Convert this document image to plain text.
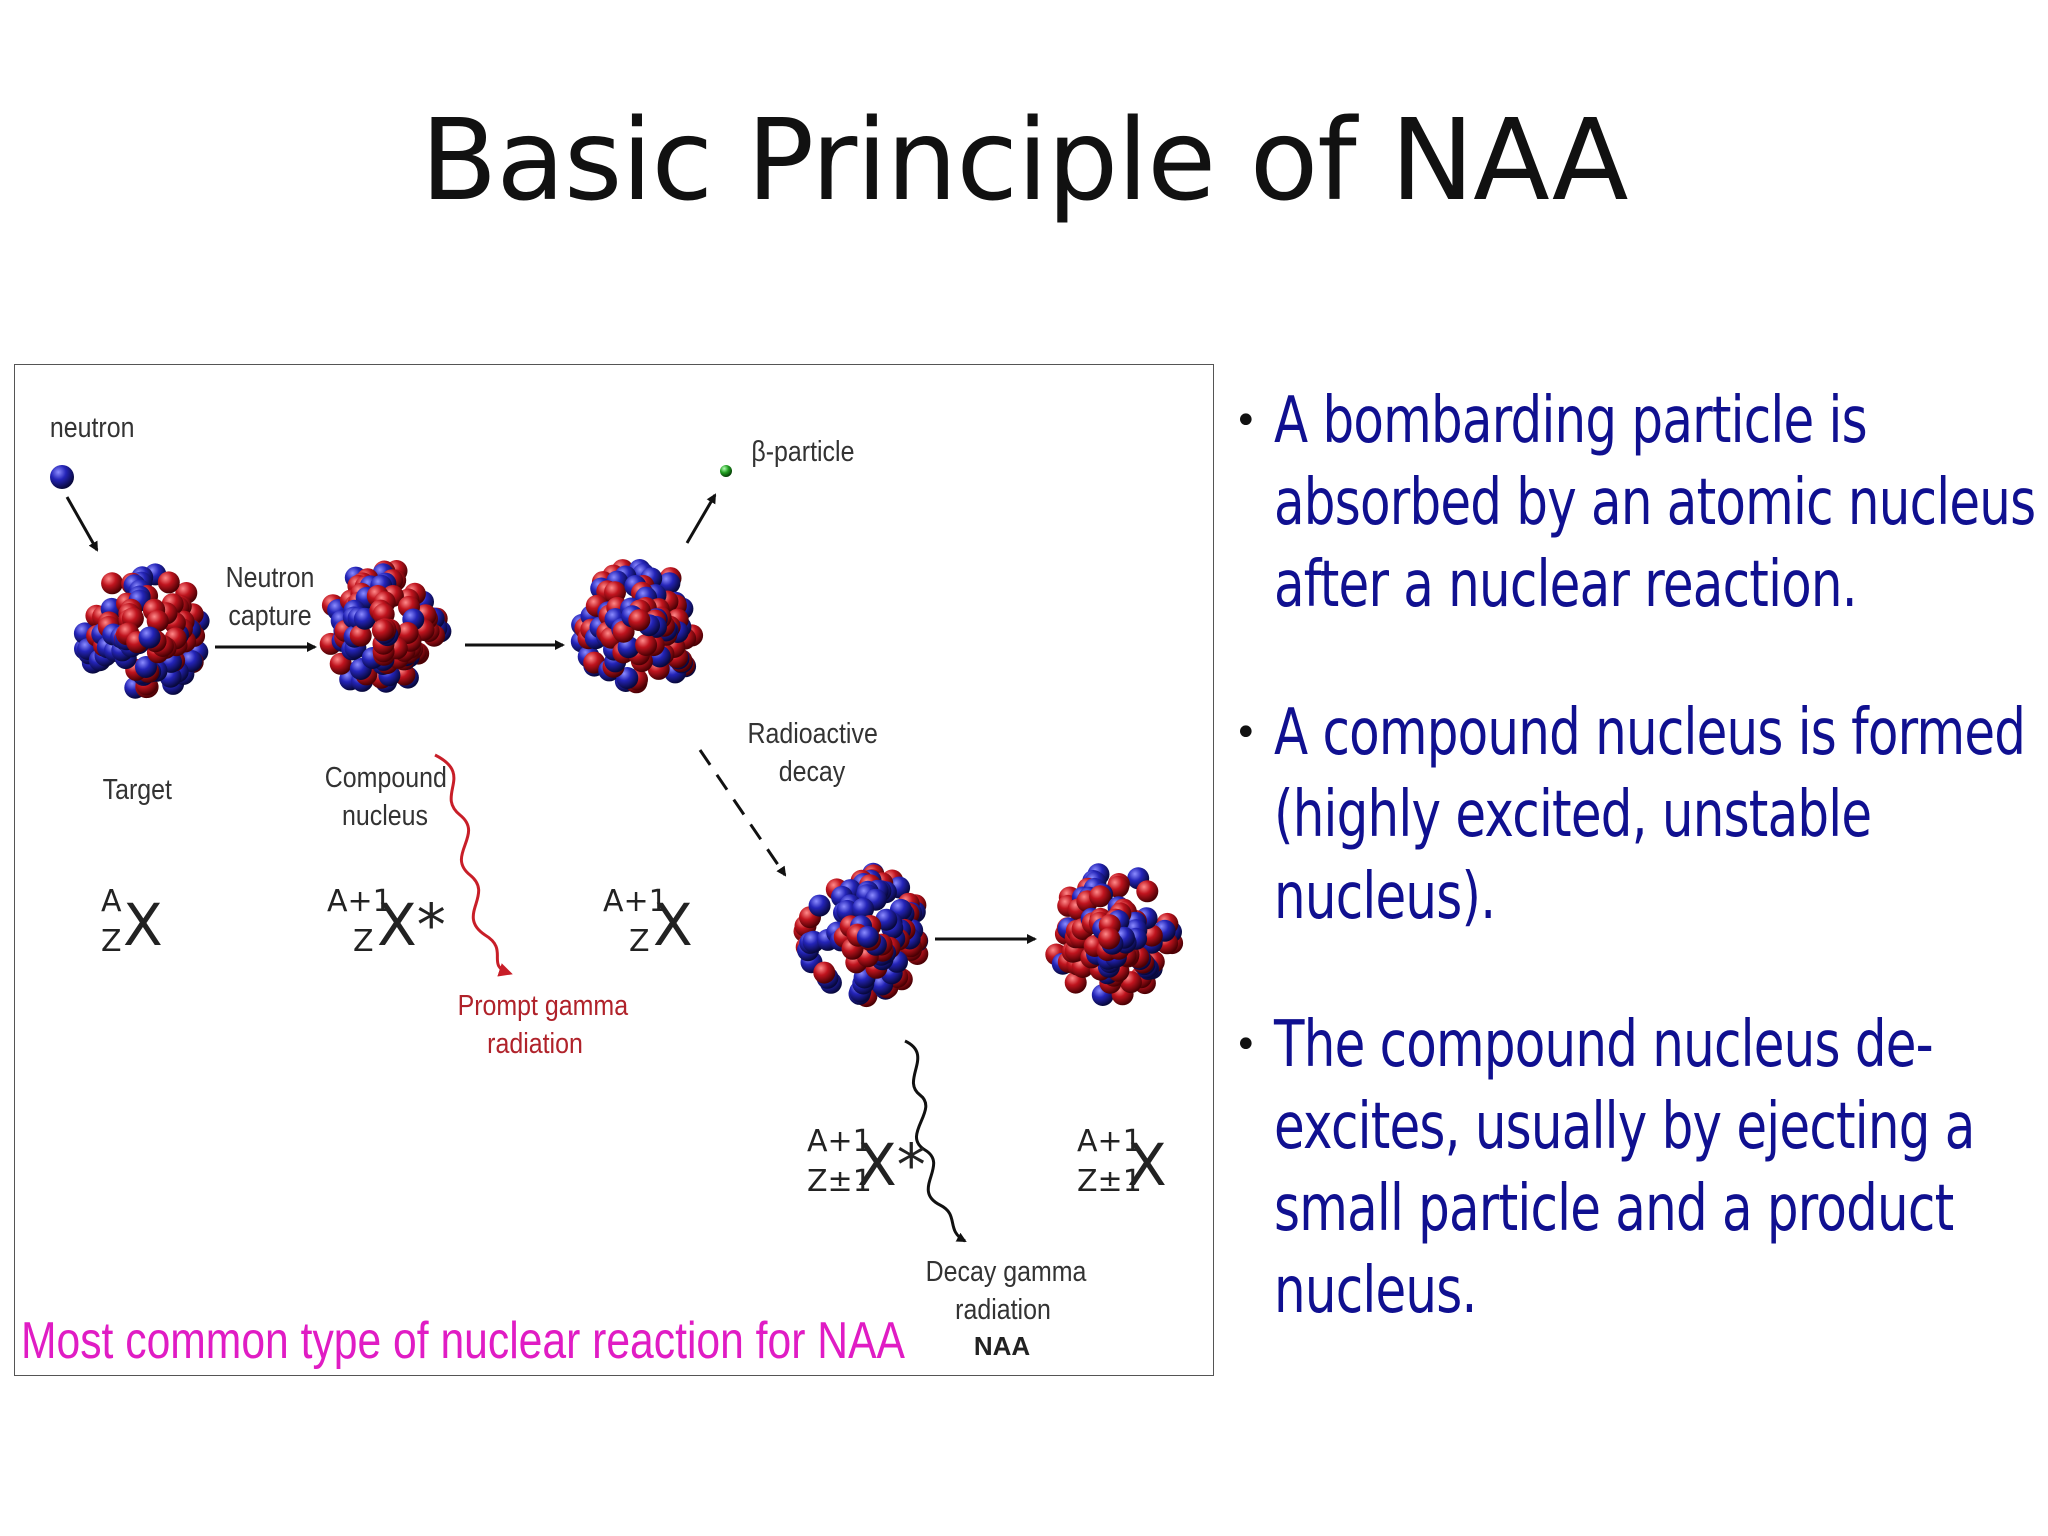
Basic Principle of NAA
neutron
Neutron
capture
β-particle
Target	Compound
nucleus
Radioactive
decay
Prompt gamma
radiation
Decay gamma
radiation
NAA
A
Z X	A+1
Z X*	A+1
Z X
A+1
Z±1
X*	A+1
Z±1
X
Most common type of nuclear reaction for NAA
• A bombarding particle is absorbed by an atomic nucleus after a nuclear reaction.
• A compound nucleus is formed (highly excited, unstable nucleus).
• The compound nucleus de-excites, usually by ejecting a small particle and a product nucleus.
